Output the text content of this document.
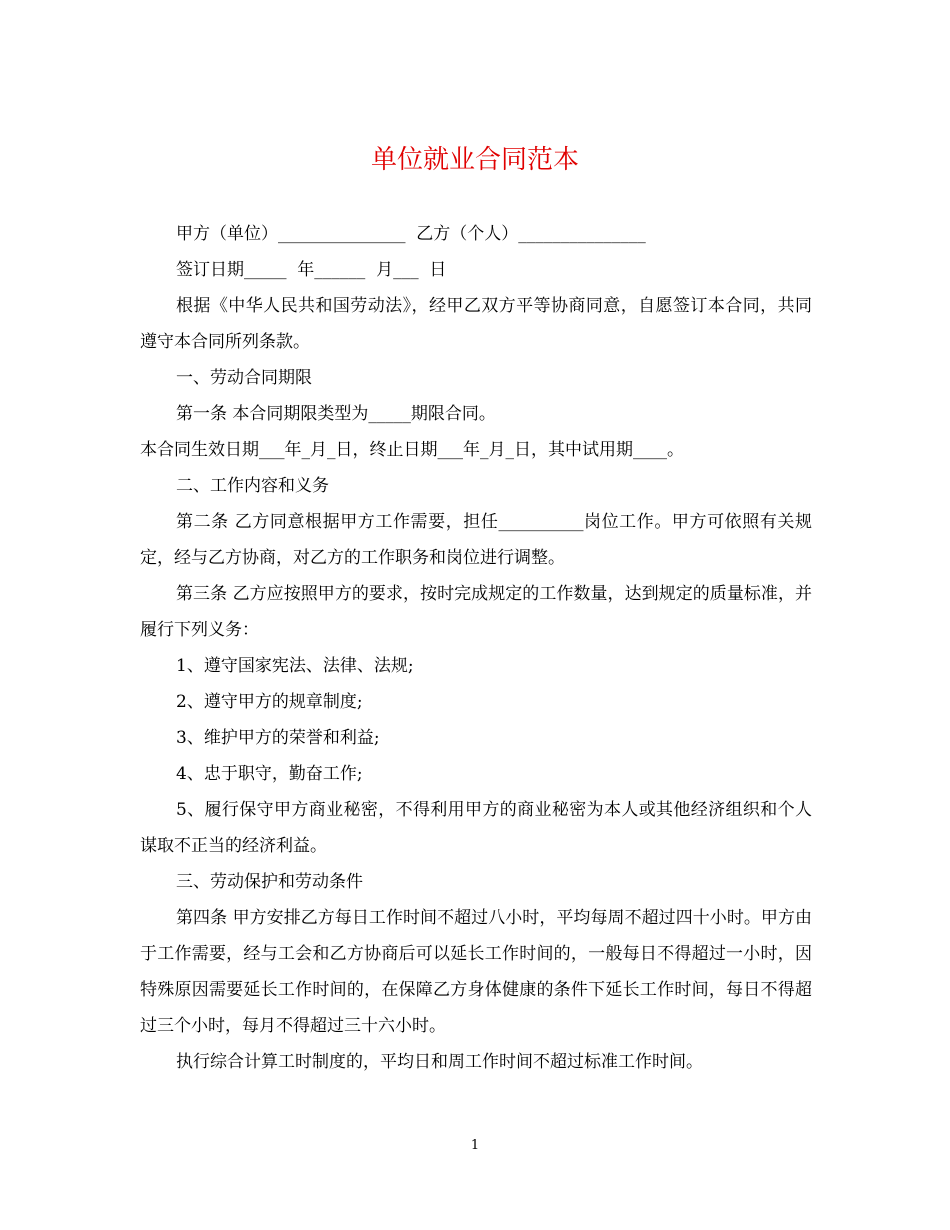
单位就业合同范本

甲方（单位）_______________  乙方（个人）_______________

签订日期_____  年______  月___  日

根据《中华人民共和国劳动法》，经甲乙双方平等协商同意，自愿签订本合同，共同遵守本合同所列条款。

一、劳动合同期限

第一条 本合同期限类型为_____期限合同。

本合同生效日期___年_月_日，终止日期___年_月_日，其中试用期____。

二、工作内容和义务

第二条 乙方同意根据甲方工作需要，担任__________岗位工作。甲方可依照有关规定，经与乙方协商，对乙方的工作职务和岗位进行调整。

第三条 乙方应按照甲方的要求，按时完成规定的工作数量，达到规定的质量标准，并履行下列义务：

1、遵守国家宪法、法律、法规;

2、遵守甲方的规章制度;

3、维护甲方的荣誉和利益;

4、忠于职守，勤奋工作;

5、履行保守甲方商业秘密，不得利用甲方的商业秘密为本人或其他经济组织和个人谋取不正当的经济利益。

三、劳动保护和劳动条件

第四条 甲方安排乙方每日工作时间不超过八小时，平均每周不超过四十小时。甲方由于工作需要，经与工会和乙方协商后可以延长工作时间的，一般每日不得超过一小时，因特殊原因需要延长工作时间的，在保障乙方身体健康的条件下延长工作时间，每日不得超过三个小时，每月不得超过三十六小时。

执行综合计算工时制度的，平均日和周工作时间不超过标准工作时间。

1
